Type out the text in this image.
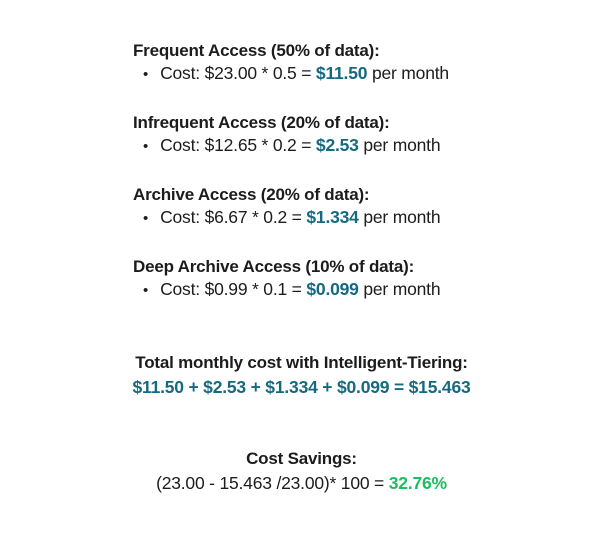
Frequent Access (50% of data):
• Cost: $23.00 * 0.5 = $11.50 per month
Infrequent Access (20% of data):
• Cost: $12.65 * 0.2 = $2.53 per month
Archive Access (20% of data):
• Cost: $6.67 * 0.2 = $1.334 per month
Deep Archive Access (10% of data):
• Cost: $0.99 * 0.1 = $0.099 per month
Total monthly cost with Intelligent-Tiering:
$11.50 + $2.53 + $1.334 + $0.099 = $15.463
Cost Savings:
(23.00 - 15.463 /23.00)* 100 = 32.76%
